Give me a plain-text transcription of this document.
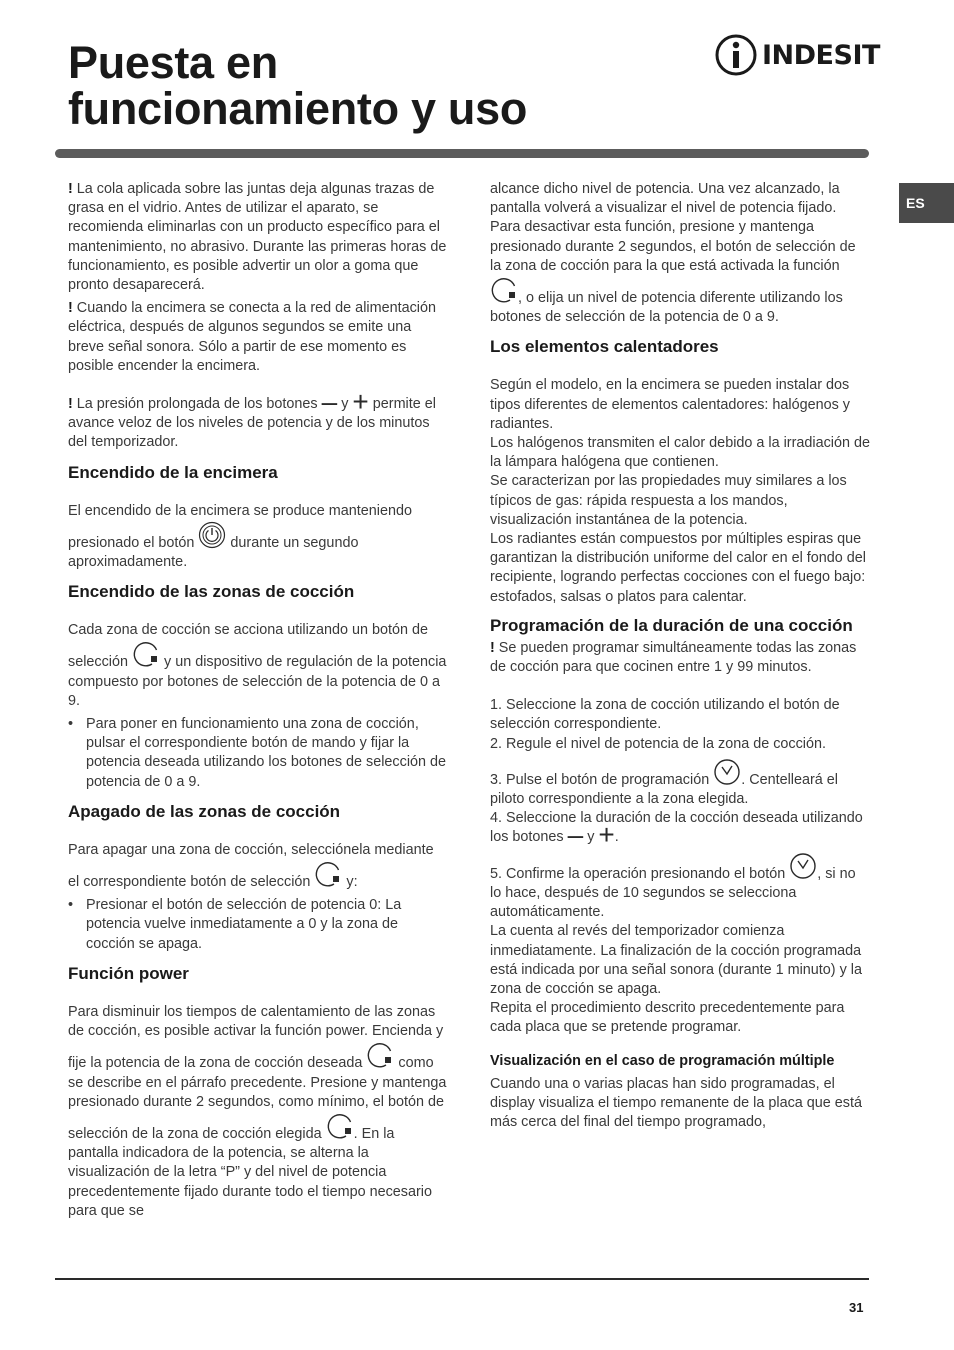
Puesta en
funcionamiento y uso
INDESIT
ES

! La cola aplicada sobre las juntas deja algunas trazas de grasa en el vidrio. Antes de utilizar el aparato, se recomienda eliminarlas con un producto específico para el mantenimiento, no abrasivo. Durante las primeras horas de funcionamiento, es posible advertir un olor a goma que pronto desaparecerá.

! Cuando la encimera se conecta a la red de alimentación eléctrica, después de algunos segundos se emite una breve señal sonora. Sólo a partir de ese momento es posible encender la encimera.

! La presión prolongada de los botones – y + permite el avance veloz de los niveles de potencia y de los minutos del temporizador.

Encendido de la encimera

El encendido de la encimera se produce manteniendo presionado el botón	durante un segundo aproximadamente.

Encendido de las zonas de cocción

Cada zona de cocción se acciona utilizando un botón de selección	y un dispositivo de regulación de la potencia compuesto por botones de selección de la potencia de 0 a 9.

• Para poner en funcionamiento una zona de cocción, pulsar el correspondiente botón de mando y fijar la potencia deseada utilizando los botones de selección de potencia de 0 a 9.
Apagado de las zonas de cocción

Para apagar una zona de cocción, selecciónela mediante el correspondiente botón de selección	y:

• Presionar el botón de selección de potencia 0: La potencia vuelve inmediatamente a 0 y la zona de cocción se apaga.
Función power

Para disminuir los tiempos de calentamiento de las zonas de cocción, es posible activar la función power. Encienda y fije la potencia de la zona de cocción deseada	como se describe en el párrafo precedente. Presione y mantenga presionado durante 2 segundos, como mínimo, el botón de selección de la zona de cocción elegida . En la pantalla indicadora de la potencia, se alterna la visualización de la letra “P” y del nivel de potencia precedentemente fijado durante todo el tiempo necesario para que se

alcance dicho nivel de potencia. Una vez alcanzado, la pantalla volverá a visualizar el nivel de potencia fijado. Para desactivar esta función, presione y mantenga presionado durante 2 segundos, el botón de selección de la zona de cocción para la que está activada la función , o elija un nivel de potencia diferente utilizando los botones de selección de la potencia de 0 a 9.

Los elementos calentadores

Según el modelo, en la encimera se pueden instalar dos tipos diferentes de elementos calentadores: halógenos y radiantes.
Los halógenos transmiten el calor debido a la irradiación de la lámpara halógena que contienen.
Se caracterizan por las propiedades muy similares a los típicos de gas: rápida respuesta a los mandos, visualización instantánea de la potencia.
Los radiantes están compuestos por múltiples espiras que garantizan la distribución uniforme del calor en el fondo del recipiente, logrando perfectas cocciones con el fuego bajo: estofados, salsas o platos para calentar.

Programación de la duración de una cocción

! Se pueden programar simultáneamente todas las zonas de cocción para que cocinen entre 1 y 99 minutos.

1. Seleccione la zona de cocción utilizando el botón de selección correspondiente.
2. Regule el nivel de potencia de la zona de cocción.

3. Pulse el botón de programación . Centelleará el piloto correspondiente a la zona elegida.
4. Seleccione la duración de la cocción deseada utilizando los botones – y +.

5. Confirme la operación presionando el botón , si no lo hace, después de 10 segundos se selecciona automáticamente.
La cuenta al revés del temporizador comienza inmediatamente. La finalización de la cocción programada está indicada por una señal sonora (durante 1 minuto) y la zona de cocción se apaga.
Repita el procedimiento descrito precedentemente para cada placa que se pretende programar.

Visualización en el caso de programación múltiple

Cuando una o varias placas han sido programadas, el display visualiza el tiempo remanente de la placa que está más cerca del final del tiempo programado,

31
